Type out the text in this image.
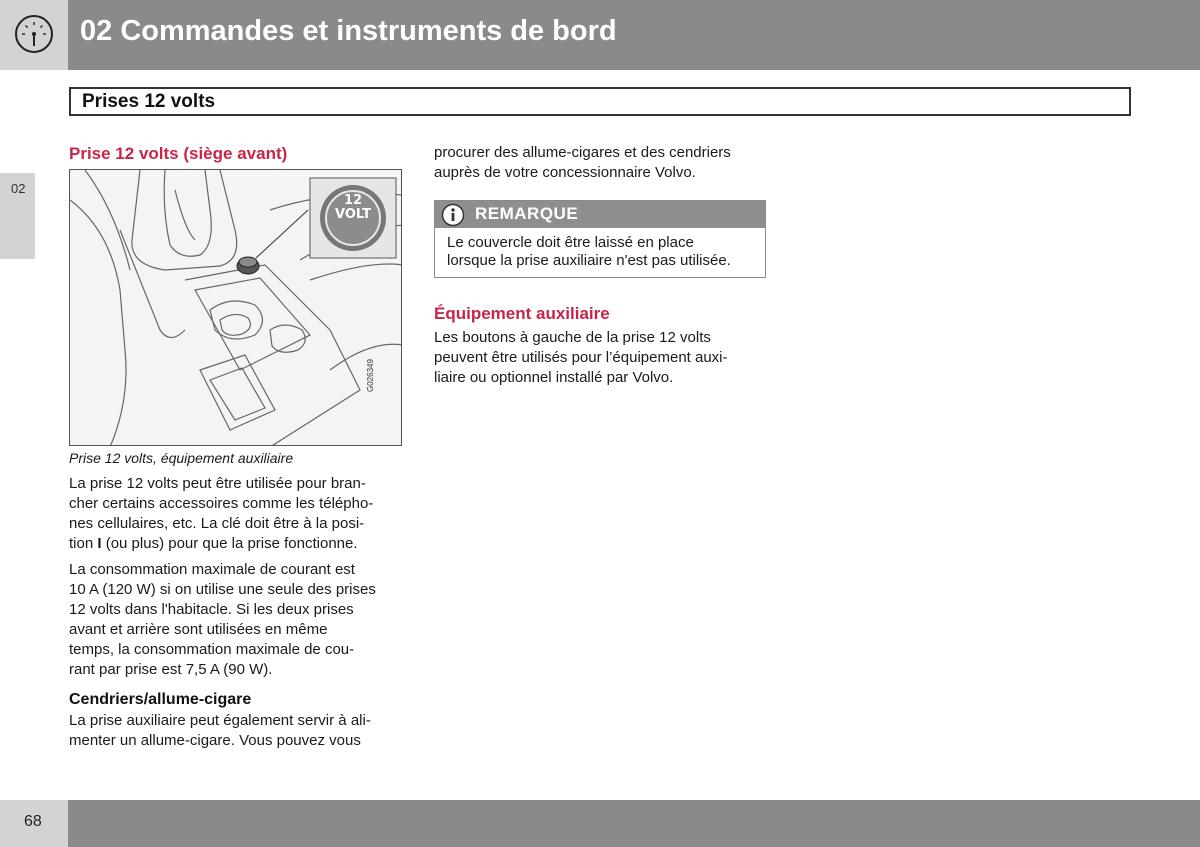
02 Commandes et instruments de bord
02
Prises 12 volts
Prise 12 volts (siège avant)
12
VOLT
G026349
Prise 12 volts, équipement auxiliaire
La prise 12 volts peut être utilisée pour bran-
cher certains accessoires comme les télépho-
nes cellulaires, etc. La clé doit être à la posi-
tion I (ou plus) pour que la prise fonctionne.
La consommation maximale de courant est
10 A (120 W) si on utilise une seule des prises
12 volts dans l'habitacle. Si les deux prises
avant et arrière sont utilisées en même
temps, la consommation maximale de cou-
rant par prise est 7,5 A (90 W).
Cendriers/allume-cigare
La prise auxiliaire peut également servir à ali-
menter un allume-cigare. Vous pouvez vous
procurer des allume-cigares et des cendriers
auprès de votre concessionnaire Volvo.
REMARQUE
Le couvercle doit être laissé en place
lorsque la prise auxiliaire n'est pas utilisée.
Équipement auxiliaire
Les boutons à gauche de la prise 12 volts
peuvent être utilisés pour l’équipement auxi-
liaire ou optionnel installé par Volvo.
68
